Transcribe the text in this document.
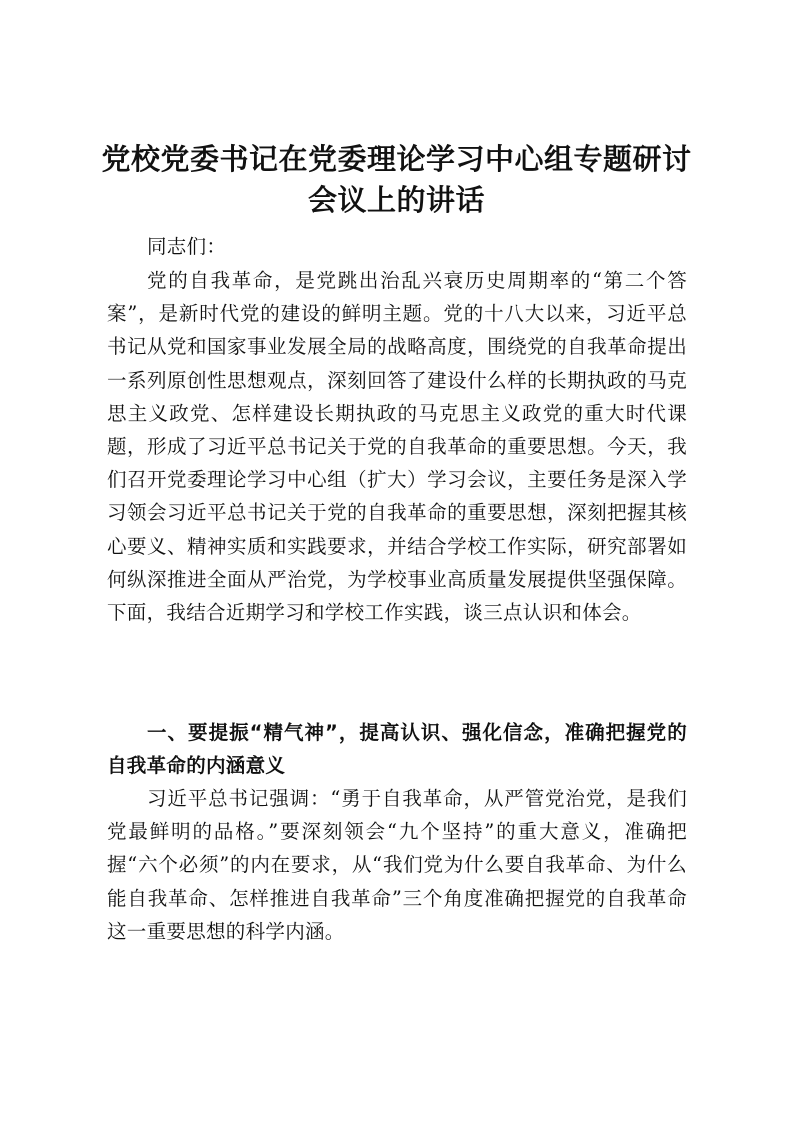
党校党委书记在党委理论学习中心组专题研讨
会议上的讲话

同志们：

党的自我革命，是党跳出治乱兴衰历史周期率的“第二个答案”，是新时代党的建设的鲜明主题。党的十八大以来，习近平总书记从党和国家事业发展全局的战略高度，围绕党的自我革命提出一系列原创性思想观点，深刻回答了建设什么样的长期执政的马克思主义政党、怎样建设长期执政的马克思主义政党的重大时代课题，形成了习近平总书记关于党的自我革命的重要思想。今天，我们召开党委理论学习中心组（扩大）学习会议，主要任务是深入学习领会习近平总书记关于党的自我革命的重要思想，深刻把握其核心要义、精神实质和实践要求，并结合学校工作实际，研究部署如何纵深推进全面从严治党，为学校事业高质量发展提供坚强保障。下面，我结合近期学习和学校工作实践，谈三点认识和体会。

一、要提振“精气神”，提高认识、强化信念，准确把握党的自我革命的内涵意义

习近平总书记强调：“勇于自我革命，从严管党治党，是我们党最鲜明的品格。”要深刻领会“九个坚持”的重大意义，准确把握“六个必须”的内在要求，从“我们党为什么要自我革命、为什么能自我革命、怎样推进自我革命”三个角度准确把握党的自我革命这一重要思想的科学内涵。
